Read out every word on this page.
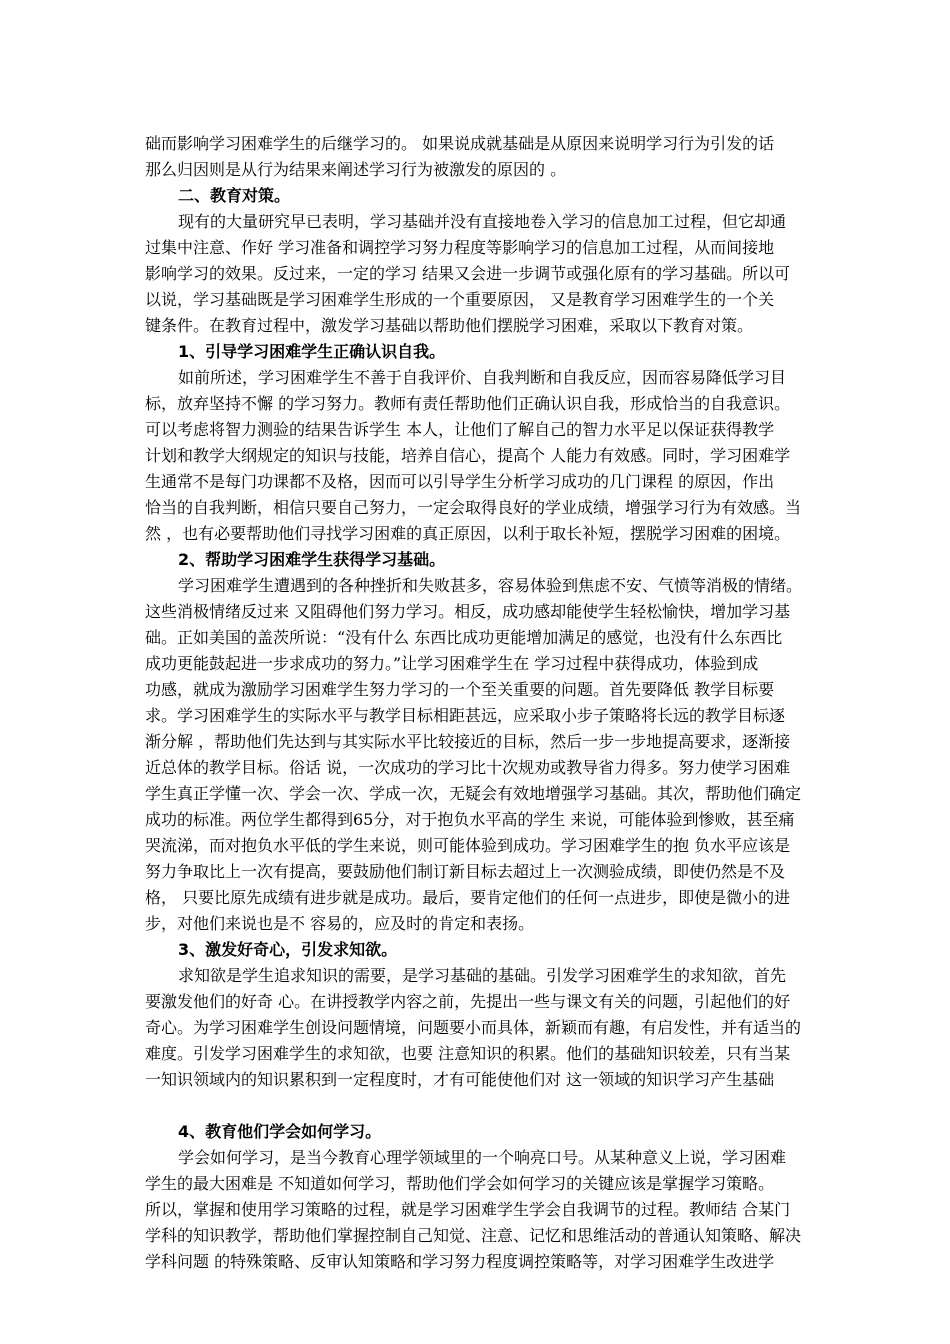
础而影响学习困难学生的后继学习的。 如果说成就基础是从原因来说明学习行为引发的话
那么归因则是从行为结果来阐述学习行为被激发的原因的 。
二、教育对策。
现有的大量研究早已表明，学习基础并没有直接地卷入学习的信息加工过程，但它却通
过集中注意、作好 学习准备和调控学习努力程度等影响学习的信息加工过程，从而间接地
影响学习的效果。反过来，一定的学习 结果又会进一步调节或强化原有的学习基础。所以可
以说，学习基础既是学习困难学生形成的一个重要原因， 又是教育学习困难学生的一个关
键条件。在教育过程中，激发学习基础以帮助他们摆脱学习困难，采取以下教育对策。
1、引导学习困难学生正确认识自我。
如前所述，学习困难学生不善于自我评价、自我判断和自我反应，因而容易降低学习目
标，放弃坚持不懈 的学习努力。教师有责任帮助他们正确认识自我，形成恰当的自我意识。
可以考虑将智力测验的结果告诉学生 本人，让他们了解自己的智力水平足以保证获得教学
计划和教学大纲规定的知识与技能，培养自信心，提高个 人能力有效感。同时，学习困难学
生通常不是每门功课都不及格，因而可以引导学生分析学习成功的几门课程 的原因，作出
恰当的自我判断，相信只要自己努力，一定会取得良好的学业成绩，增强学习行为有效感。当
然 ，也有必要帮助他们寻找学习困难的真正原因，以利于取长补短，摆脱学习困难的困境。
2、帮助学习困难学生获得学习基础。
学习困难学生遭遇到的各种挫折和失败甚多，容易体验到焦虑不安、气愤等消极的情绪。
这些消极情绪反过来 又阻碍他们努力学习。相反，成功感却能使学生轻松愉快，增加学习基
础。正如美国的盖茨所说：“没有什么 东西比成功更能增加满足的感觉，也没有什么东西比
成功更能鼓起进一步求成功的努力。”让学习困难学生在 学习过程中获得成功，体验到成
功感，就成为激励学习困难学生努力学习的一个至关重要的问题。首先要降低 教学目标要
求。学习困难学生的实际水平与教学目标相距甚远，应采取小步子策略将长远的教学目标逐
渐分解 ，帮助他们先达到与其实际水平比较接近的目标，然后一步一步地提高要求，逐渐接
近总体的教学目标。俗话 说，一次成功的学习比十次规劝或教导省力得多。努力使学习困难
学生真正学懂一次、学会一次、学成一次，无疑会有效地增强学习基础。其次，帮助他们确定
成功的标准。两位学生都得到65分，对于抱负水平高的学生 来说，可能体验到惨败，甚至痛
哭流涕，而对抱负水平低的学生来说，则可能体验到成功。学习困难学生的抱 负水平应该是
努力争取比上一次有提高，要鼓励他们制订新目标去超过上一次测验成绩，即使仍然是不及
格， 只要比原先成绩有进步就是成功。最后，要肯定他们的任何一点进步，即使是微小的进
步，对他们来说也是不 容易的，应及时的肯定和表扬。
3、激发好奇心，引发求知欲。
求知欲是学生追求知识的需要，是学习基础的基础。引发学习困难学生的求知欲，首先
要激发他们的好奇 心。在讲授教学内容之前，先提出一些与课文有关的问题，引起他们的好
奇心。为学习困难学生创设问题情境，问题要小而具体，新颖而有趣，有启发性，并有适当的
难度。引发学习困难学生的求知欲，也要 注意知识的积累。他们的基础知识较差，只有当某
一知识领域内的知识累积到一定程度时，才有可能使他们对 这一领域的知识学习产生基础
4、教育他们学会如何学习。
学会如何学习，是当今教育心理学领域里的一个响亮口号。从某种意义上说，学习困难
学生的最大困难是 不知道如何学习，帮助他们学会如何学习的关键应该是掌握学习策略。
所以，掌握和使用学习策略的过程，就是学习困难学生学会自我调节的过程。教师结 合某门
学科的知识教学，帮助他们掌握控制自己知觉、注意、记忆和思维活动的普通认知策略、解决
学科问题 的特殊策略、反审认知策略和学习努力程度调控策略等，对学习困难学生改进学
